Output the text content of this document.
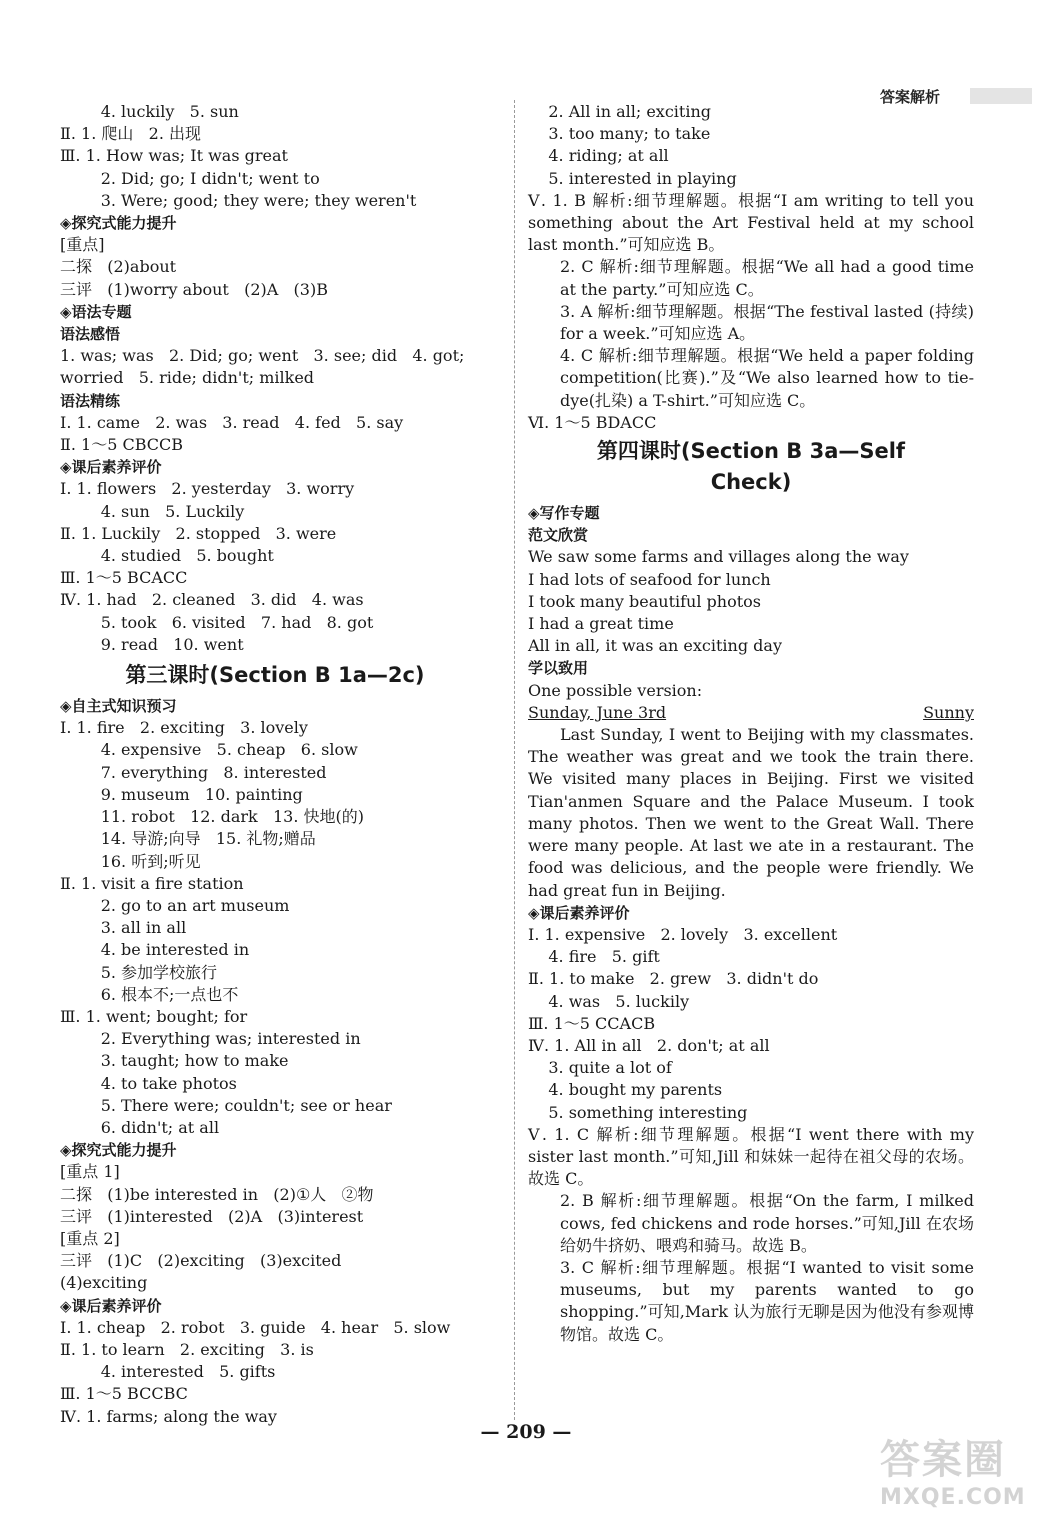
答案解析
4. luckily   5. sun
Ⅱ. 1. 爬山   2. 出现
Ⅲ. 1. How was; It was great
2. Did; go; I didn't; went to
3. Were; good; they were; they weren't
◈探究式能力提升
[重点]
二探   (2)about
三评   (1)worry about   (2)A   (3)B
◈语法专题
语法感悟
1. was; was   2. Did; go; went   3. see; did   4. got;
worried   5. ride; didn't; milked
语法精练
Ⅰ. 1. came   2. was   3. read   4. fed   5. say
Ⅱ. 1～5 CBCCB
◈课后素养评价
Ⅰ. 1. flowers   2. yesterday   3. worry
4. sun   5. Luckily
Ⅱ. 1. Luckily   2. stopped   3. were
4. studied   5. bought
Ⅲ. 1～5 BCACC
Ⅳ. 1. had   2. cleaned   3. did   4. was
5. took   6. visited   7. had   8. got
9. read   10. went
第三课时(Section B 1a—2c)
◈自主式知识预习
Ⅰ. 1. fire   2. exciting   3. lovely
4. expensive   5. cheap   6. slow
7. everything   8. interested
9. museum   10. painting
11. robot   12. dark   13. 快地(的)
14. 导游;向导   15. 礼物;赠品
16. 听到;听见
Ⅱ. 1. visit a fire station
2. go to an art museum
3. all in all
4. be interested in
5. 参加学校旅行
6. 根本不;一点也不
Ⅲ. 1. went; bought; for
2. Everything was; interested in
3. taught; how to make
4. to take photos
5. There were; couldn't; see or hear
6. didn't; at all
◈探究式能力提升
[重点 1]
二探   (1)be interested in   (2)①人   ②物
三评   (1)interested   (2)A   (3)interest
[重点 2]
三评   (1)C   (2)exciting   (3)excited
(4)exciting
◈课后素养评价
Ⅰ. 1. cheap   2. robot   3. guide   4. hear   5. slow
Ⅱ. 1. to learn   2. exciting   3. is
4. interested   5. gifts
Ⅲ. 1～5 BCCBC
Ⅳ. 1. farms; along the way
2. All in all; exciting
3. too many; to take
4. riding; at all
5. interested in playing
Ⅴ. 1. B 解析:细节理解题。根据“I am writing to tell you something about the Art Festival held at my school last month.”可知应选 B。
2. C 解析:细节理解题。根据“We all had a good time at the party.”可知应选 C。
3. A 解析:细节理解题。根据“The festival lasted (持续) for a week.”可知应选 A。
4. C 解析:细节理解题。根据“We held a paper folding competition(比赛).”及“We also learned how to tie-dye(扎染) a T-shirt.”可知应选 C。
Ⅵ. 1～5 BDACC
第四课时(Section B 3a—Self
Check)
◈写作专题
范文欣赏
We saw some farms and villages along the way
I had lots of seafood for lunch
I took many beautiful photos
I had a great time
All in all, it was an exciting day
学以致用
One possible version:
Sunday, June 3rd	Sunny
Last Sunday, I went to Beijing with my classmates. The weather was great and we took the train there. We visited many places in Beijing. First we visited Tian'anmen Square and the Palace Museum. I took many photos. Then we went to the Great Wall. There were many people. At last we ate in a restaurant. The food was delicious, and the people were friendly. We had great fun in Beijing.
◈课后素养评价
Ⅰ. 1. expensive   2. lovely   3. excellent
4. fire   5. gift
Ⅱ. 1. to make   2. grew   3. didn't do
4. was   5. luckily
Ⅲ. 1～5 CCACB
Ⅳ. 1. All in all   2. don't; at all
3. quite a lot of
4. bought my parents
5. something interesting
Ⅴ. 1. C 解析:细节理解题。根据“I went there with my sister last month.”可知,Jill 和妹妹一起待在祖父母的农场。故选 C。
2. B 解析:细节理解题。根据“On the farm, I milked cows, fed chickens and rode horses.”可知,Jill 在农场给奶牛挤奶、喂鸡和骑马。故选 B。
3. C 解析:细节理解题。根据“I wanted to visit some museums, but my parents wanted to go shopping.”可知,Mark 认为旅行无聊是因为他没有参观博物馆。故选 C。
— 209 —
答案圈
MXQE.COM
